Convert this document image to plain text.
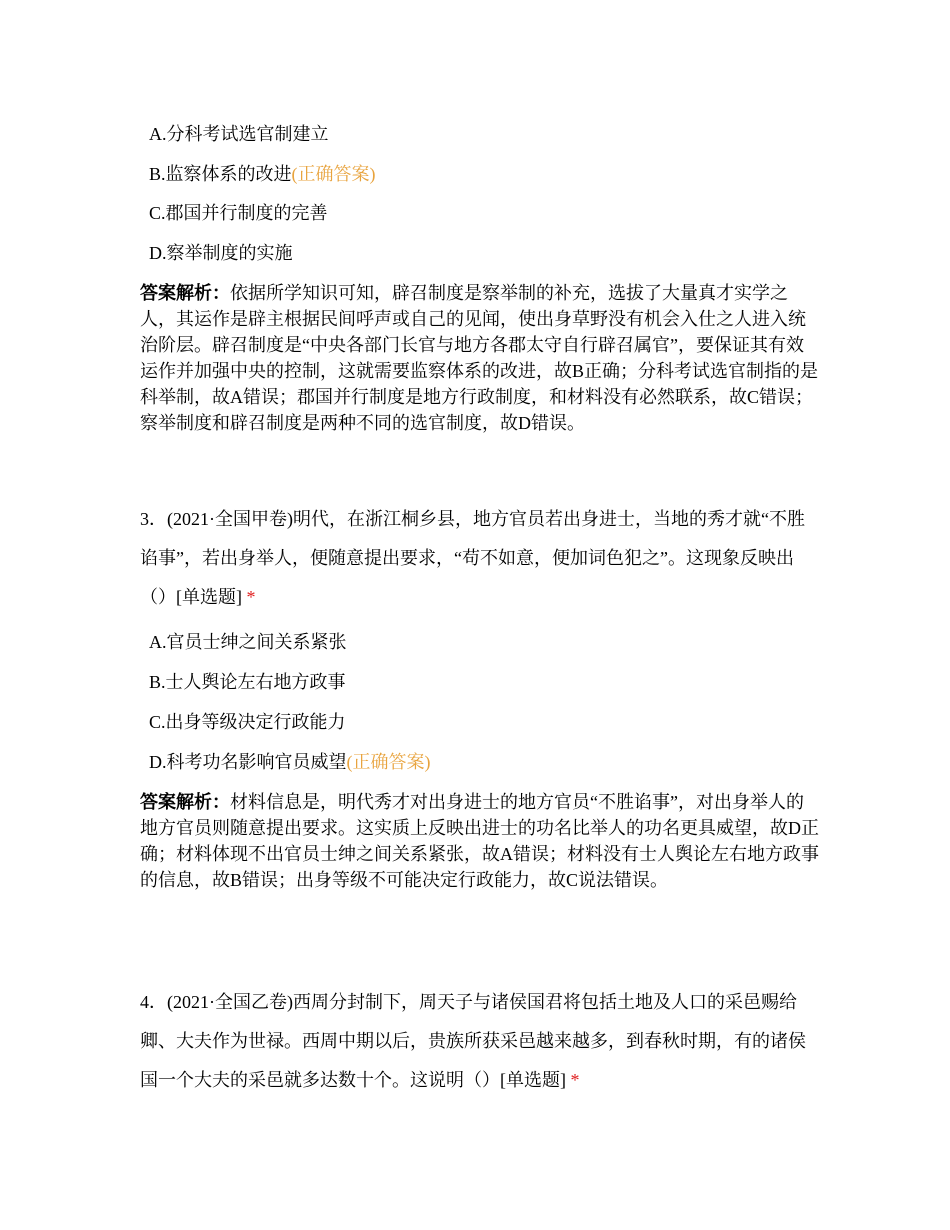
A.分科考试选官制建立
B.监察体系的改进(正确答案)
C.郡国并行制度的完善
D.察举制度的实施
答案解析：依据所学知识可知，辟召制度是察举制的补充，选拔了大量真才实学之人，其运作是辟主根据民间呼声或自己的见闻，使出身草野没有机会入仕之人进入统治阶层。辟召制度是“中央各部门长官与地方各郡太守自行辟召属官”，要保证其有效运作并加强中央的控制，这就需要监察体系的改进，故B正确；分科考试选官制指的是科举制，故A错误；郡国并行制度是地方行政制度，和材料没有必然联系，故C错误；察举制度和辟召制度是两种不同的选官制度，故D错误。
3．(2021·全国甲卷)明代，在浙江桐乡县，地方官员若出身进士，当地的秀才就“不胜谄事”，若出身举人，便随意提出要求，“苟不如意，便加词色犯之”。这现象反映出（）[单选题] *
A.官员士绅之间关系紧张
B.士人舆论左右地方政事
C.出身等级决定行政能力
D.科考功名影响官员威望(正确答案)
答案解析：材料信息是，明代秀才对出身进士的地方官员“不胜谄事”，对出身举人的地方官员则随意提出要求。这实质上反映出进士的功名比举人的功名更具威望，故D正确；材料体现不出官员士绅之间关系紧张，故A错误；材料没有士人舆论左右地方政事的信息，故B错误；出身等级不可能决定行政能力，故C说法错误。
4．(2021·全国乙卷)西周分封制下，周天子与诸侯国君将包括土地及人口的采邑赐给卿、大夫作为世禄。西周中期以后，贵族所获采邑越来越多，到春秋时期，有的诸侯国一个大夫的采邑就多达数十个。这说明（）[单选题] *
